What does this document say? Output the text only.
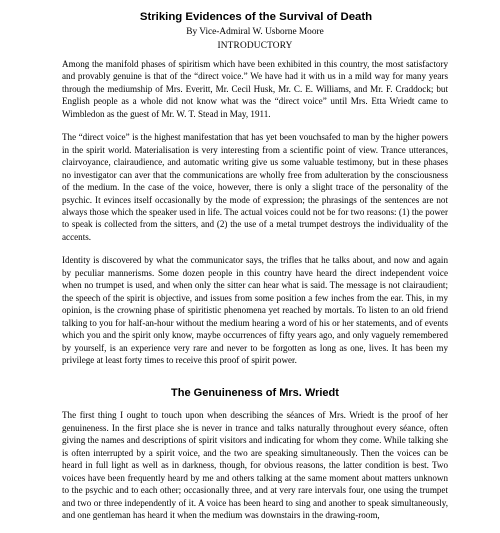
Striking Evidences of the Survival of Death
By Vice-Admiral W. Usborne Moore
INTRODUCTORY

Among the manifold phases of spiritism which have been exhibited in this country, the most satisfactory and provably genuine is that of the “direct voice.” We have had it with us in a mild way for many years through the mediumship of Mrs. Everitt, Mr. Cecil Husk, Mr. C. E. Williams, and Mr. F. Craddock; but English people as a whole did not know what was the “direct voice” until Mrs. Etta Wriedt came to Wimbledon as the guest of Mr. W. T. Stead in May, 1911.

The “direct voice” is the highest manifestation that has yet been vouchsafed to man by the higher powers in the spirit world. Materialisation is very interesting from a scientific point of view. Trance utterances, clairvoyance, clairaudience, and automatic writing give us some valuable testimony, but in these phases no investigator can aver that the communications are wholly free from adulteration by the consciousness of the medium. In the case of the voice, however, there is only a slight trace of the personality of the psychic. It evinces itself occasionally by the mode of expression; the phrasings of the sentences are not always those which the speaker used in life. The actual voices could not be for two reasons: (1) the power to speak is collected from the sitters, and (2) the use of a metal trumpet destroys the individuality of the accents.

Identity is discovered by what the communicator says, the trifles that he talks about, and now and again by peculiar mannerisms. Some dozen people in this country have heard the direct independent voice when no trumpet is used, and when only the sitter can hear what is said. The message is not clairaudient; the speech of the spirit is objective, and issues from some position a few inches from the ear. This, in my opinion, is the crowning phase of spiritistic phenomena yet reached by mortals. To listen to an old friend talking to you for half-an-hour without the medium hearing a word of his or her statements, and of events which you and the spirit only know, maybe occurrences of fifty years ago, and only vaguely remembered by yourself, is an experience very rare and never to be forgotten as long as one, lives. It has been my privilege at least forty times to receive this proof of spirit power.

The Genuineness of Mrs. Wriedt

The first thing I ought to touch upon when describing the séances of Mrs. Wriedt is the proof of her genuineness. In the first place she is never in trance and talks naturally throughout every séance, often giving the names and descriptions of spirit visitors and indicating for whom they come. While talking she is often interrupted by a spirit voice, and the two are speaking simultaneously. Then the voices can be heard in full light as well as in darkness, though, for obvious reasons, the latter condition is best. Two voices have been frequently heard by me and others talking at the same moment about matters unknown to the psychic and to each other; occasionally three, and at very rare intervals four, one using the trumpet and two or three independently of it. A voice has been heard to sing and another to speak simultaneously, and one gentleman has heard it when the medium was downstairs in the drawing-room,
